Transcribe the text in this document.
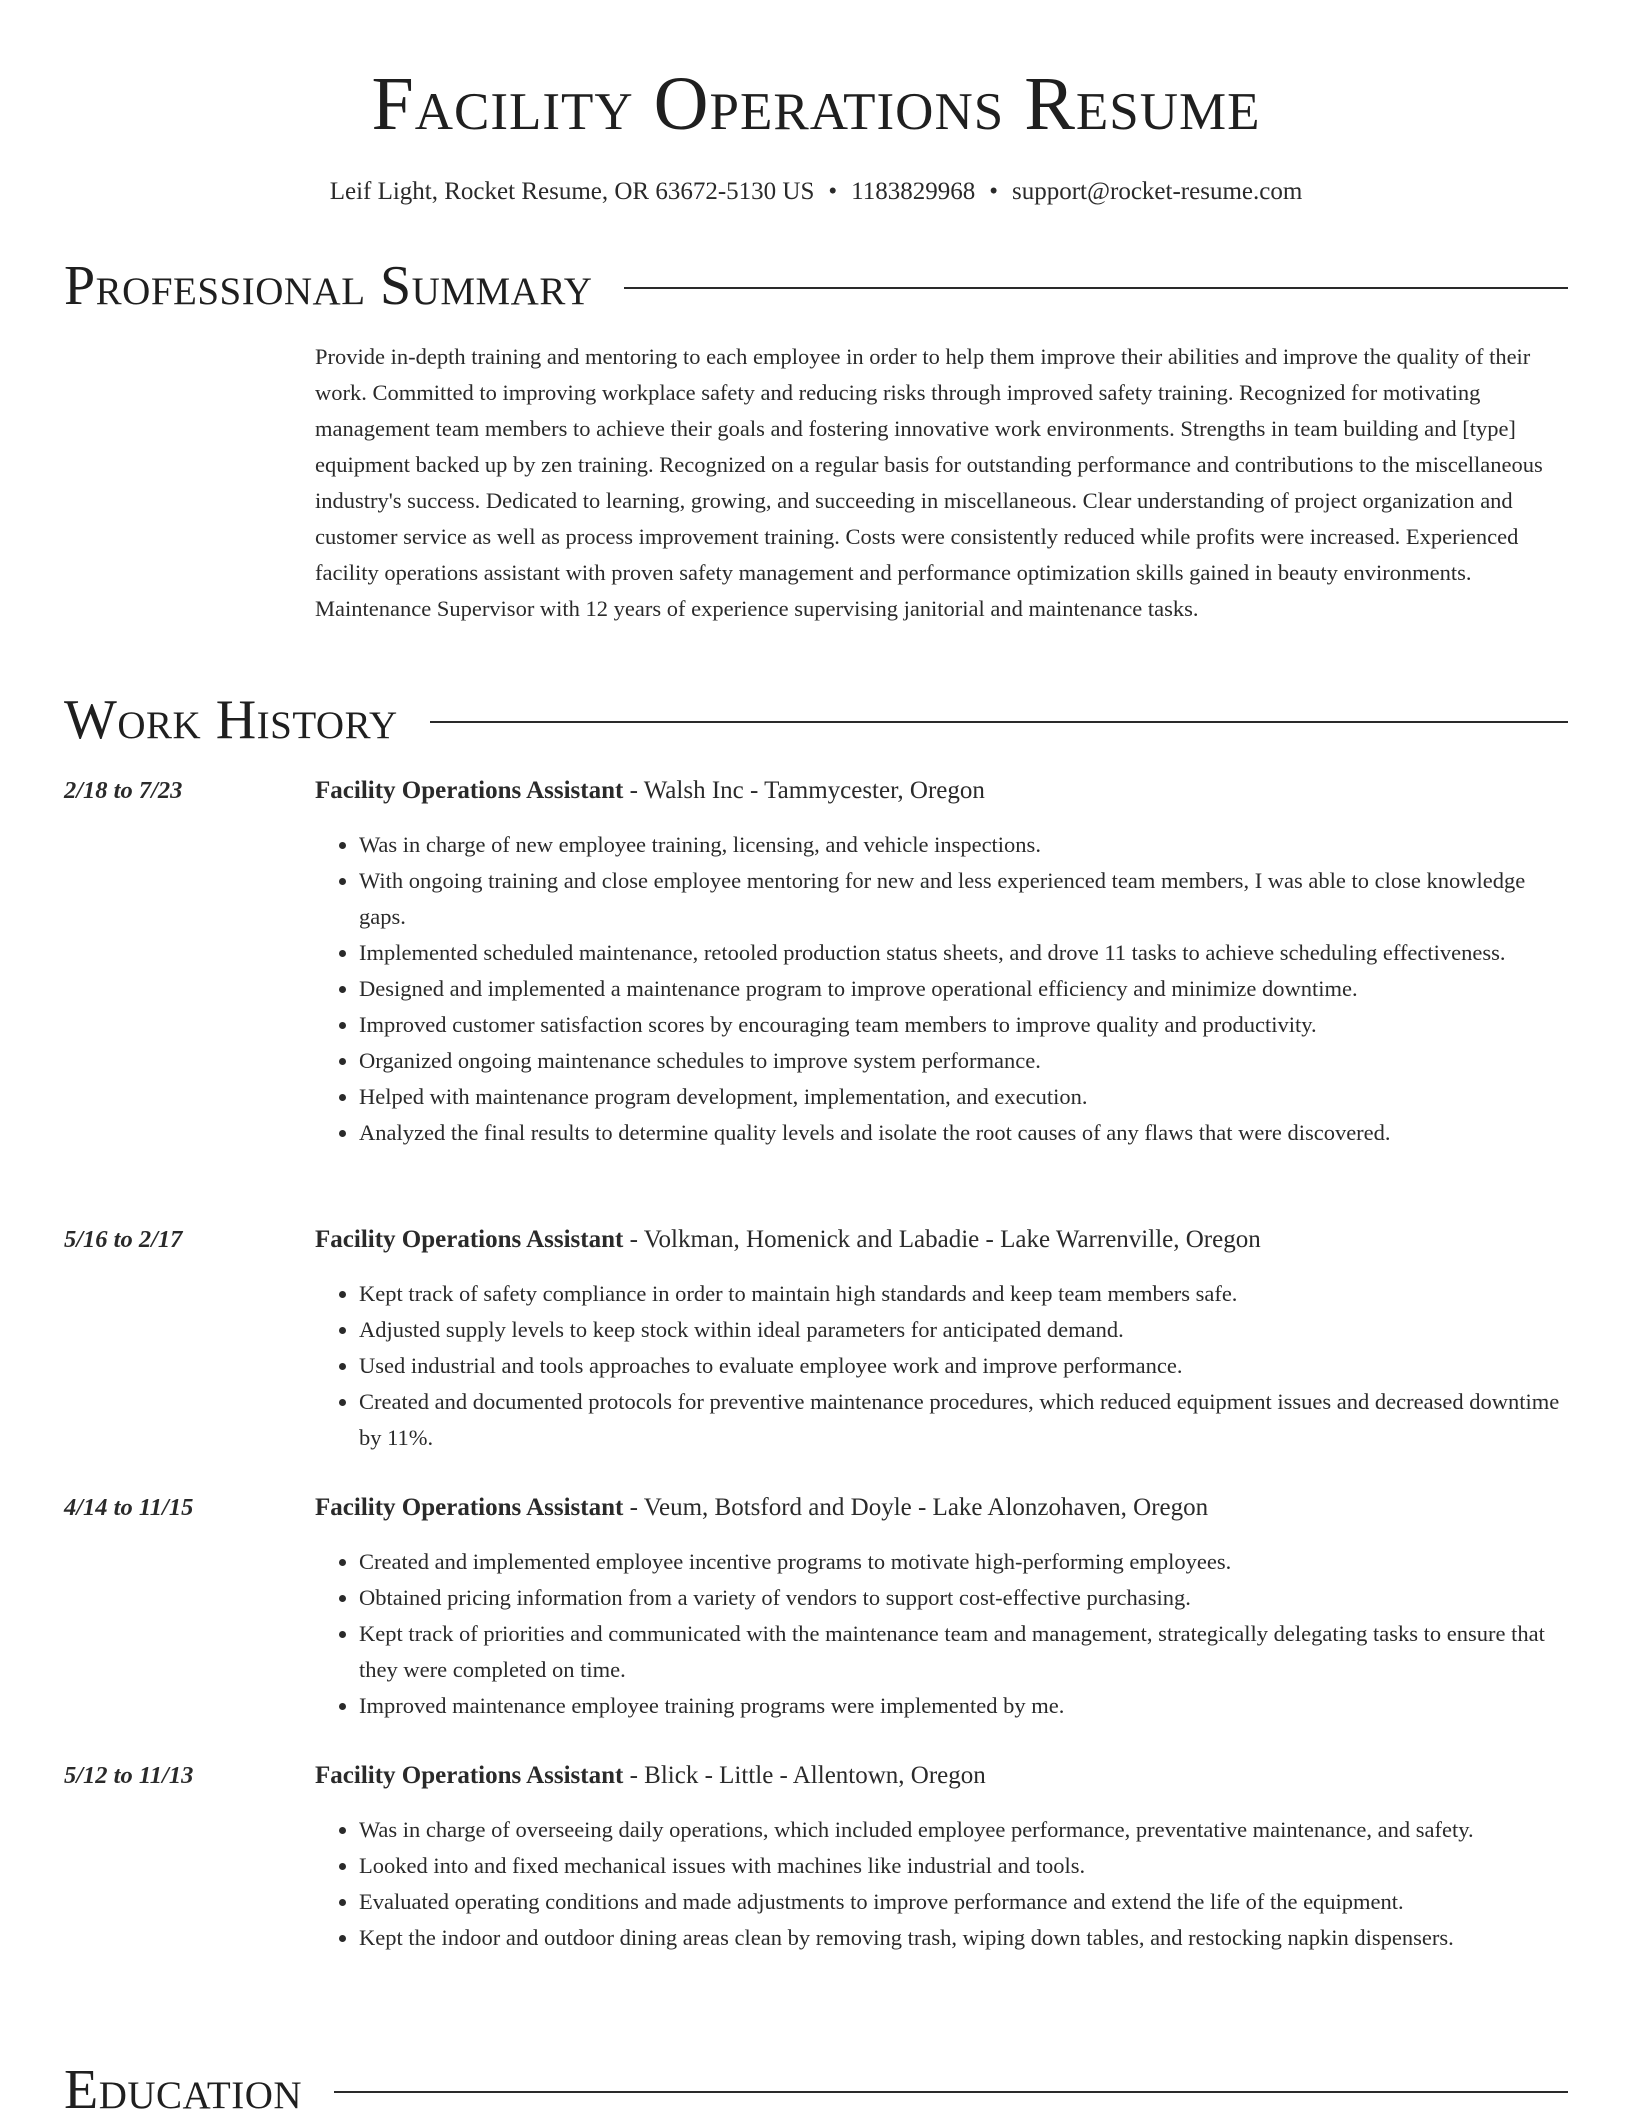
Facility Operations Resume
Leif Light, Rocket Resume, OR 63672-5130 US • 1183829968 • support@rocket-resume.com
Professional Summary
Provide in-depth training and mentoring to each employee in order to help them improve their abilities and improve the quality of their work. Committed to improving workplace safety and reducing risks through improved safety training. Recognized for motivating management team members to achieve their goals and fostering innovative work environments. Strengths in team building and [type] equipment backed up by zen training. Recognized on a regular basis for outstanding performance and contributions to the miscellaneous industry's success. Dedicated to learning, growing, and succeeding in miscellaneous. Clear understanding of project organization and customer service as well as process improvement training. Costs were consistently reduced while profits were increased. Experienced facility operations assistant with proven safety management and performance optimization skills gained in beauty environments. Maintenance Supervisor with 12 years of experience supervising janitorial and maintenance tasks.
Work History
2/18 to 7/23	Facility Operations Assistant - Walsh Inc - Tammycester, Oregon
• Was in charge of new employee training, licensing, and vehicle inspections.
• With ongoing training and close employee mentoring for new and less experienced team members, I was able to close knowledge gaps.
• Implemented scheduled maintenance, retooled production status sheets, and drove 11 tasks to achieve scheduling effectiveness.
• Designed and implemented a maintenance program to improve operational efficiency and minimize downtime.
• Improved customer satisfaction scores by encouraging team members to improve quality and productivity.
• Organized ongoing maintenance schedules to improve system performance.
• Helped with maintenance program development, implementation, and execution.
• Analyzed the final results to determine quality levels and isolate the root causes of any flaws that were discovered.
5/16 to 2/17	Facility Operations Assistant - Volkman, Homenick and Labadie - Lake Warrenville, Oregon
• Kept track of safety compliance in order to maintain high standards and keep team members safe.
• Adjusted supply levels to keep stock within ideal parameters for anticipated demand.
• Used industrial and tools approaches to evaluate employee work and improve performance.
• Created and documented protocols for preventive maintenance procedures, which reduced equipment issues and decreased downtime by 11%.
4/14 to 11/15	Facility Operations Assistant - Veum, Botsford and Doyle - Lake Alonzohaven, Oregon
• Created and implemented employee incentive programs to motivate high-performing employees.
• Obtained pricing information from a variety of vendors to support cost-effective purchasing.
• Kept track of priorities and communicated with the maintenance team and management, strategically delegating tasks to ensure that they were completed on time.
• Improved maintenance employee training programs were implemented by me.
5/12 to 11/13	Facility Operations Assistant - Blick - Little - Allentown, Oregon
• Was in charge of overseeing daily operations, which included employee performance, preventative maintenance, and safety.
• Looked into and fixed mechanical issues with machines like industrial and tools.
• Evaluated operating conditions and made adjustments to improve performance and extend the life of the equipment.
• Kept the indoor and outdoor dining areas clean by removing trash, wiping down tables, and restocking napkin dispensers.
Education
